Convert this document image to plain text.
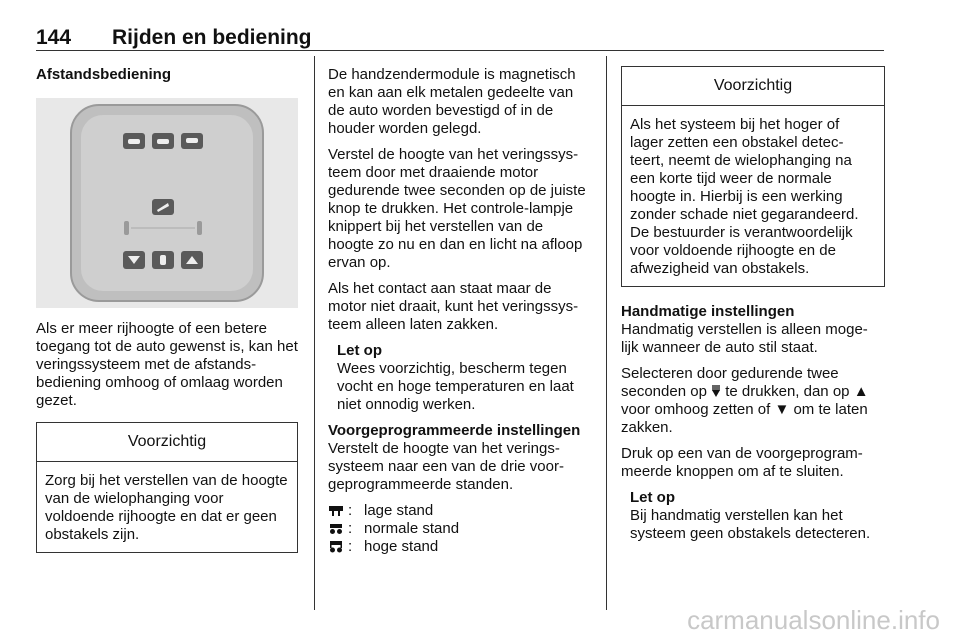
144 Rijden en bediening
Afstandsbediening

Als er meer rijhoogte of een betere toegang tot de auto gewenst is, kan het veringssysteem met de afstands-bediening omhoog of omlaag worden gezet.

Voorzichtig
Zorg bij het verstellen van de hoogte van de wielophanging voor voldoende rijhoogte en dat er geen obstakels zijn.

De handzendermodule is magnetisch en kan aan elk metalen gedeelte van de auto worden bevestigd of in de houder worden gelegd.

Verstel de hoogte van het veringssys-teem door met draaiende motor gedurende twee seconden op de juiste knop te drukken. Het controle-lampje knippert bij het verstellen van de hoogte zo nu en dan en licht na afloop ervan op.

Als het contact aan staat maar de motor niet draait, kunt het veringssys-teem alleen laten zakken.

Let op
Wees voorzichtig, bescherm tegen vocht en hoge temperaturen en laat niet onnodig werken.
Voorgeprogrammeerde instellingen

Verstelt de hoogte van het verings-systeem naar een van de drie voor-geprogrammeerde standen.

: lage stand
: normale stand
: hoge stand
Voorzichtig
Als het systeem bij het hoger of lager zetten een obstakel detec-teert, neemt de wielophanging na een korte tijd weer de normale hoogte in. Hierbij is een werking zonder schade niet gegarandeerd. De bestuurder is verantwoordelijk voor voldoende rijhoogte en de afwezigheid van obstakels.
Handmatige instellingen

Handmatig verstellen is alleen moge-lijk wanneer de auto stil staat.

Selecteren door gedurende twee seconden op te drukken, dan op ▲ voor omhoog zetten of ▼ om te laten zakken.

Druk op een van de voorgeprogram-meerde knoppen om af te sluiten.

Let op
Bij handmatig verstellen kan het systeem geen obstakels detecteren.
carmanualsonline.info
